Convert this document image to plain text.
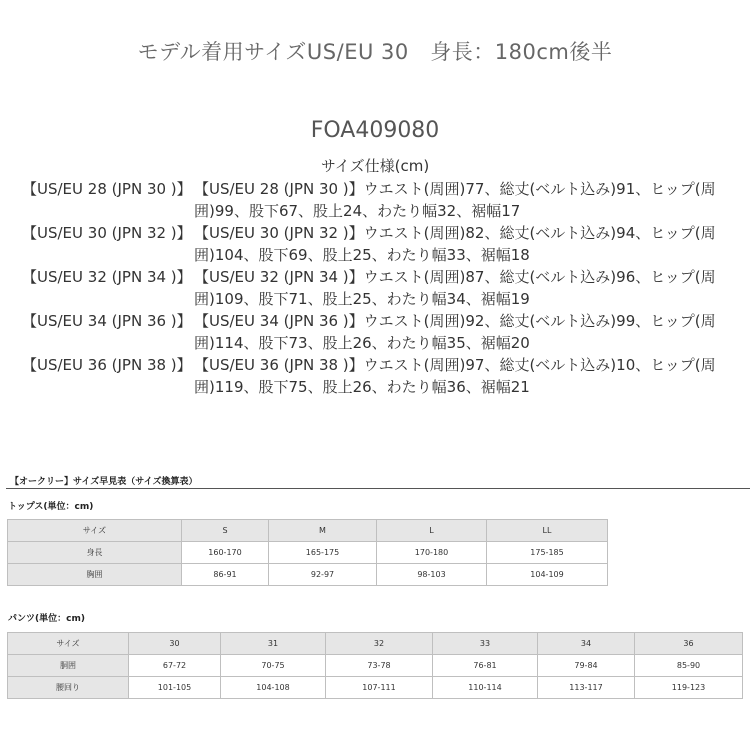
モデル着用サイズUS/EU 30　身長：180cm後半
FOA409080
サイズ仕様(cm)
【US/EU 28 (JPN 30 )】 【US/EU 28 (JPN 30 )】ウエスト(周囲)77、総丈(ベルト込み)91、ヒップ(周囲)99、股下67、股上24、わたり幅32、裾幅17
【US/EU 30 (JPN 32 )】 【US/EU 30 (JPN 32 )】ウエスト(周囲)82、総丈(ベルト込み)94、ヒップ(周囲)104、股下69、股上25、わたり幅33、裾幅18
【US/EU 32 (JPN 34 )】 【US/EU 32 (JPN 34 )】ウエスト(周囲)87、総丈(ベルト込み)96、ヒップ(周囲)109、股下71、股上25、わたり幅34、裾幅19
【US/EU 34 (JPN 36 )】 【US/EU 34 (JPN 36 )】ウエスト(周囲)92、総丈(ベルト込み)99、ヒップ(周囲)114、股下73、股上26、わたり幅35、裾幅20
【US/EU 36 (JPN 38 )】 【US/EU 36 (JPN 38 )】ウエスト(周囲)97、総丈(ベルト込み)10、ヒップ(周囲)119、股下75、股上26、わたり幅36、裾幅21
【オークリー】サイズ早見表（サイズ換算表）
トップス(単位：cm)
サイズ	S	M	L	LL
身長	160-170	165-175	170-180	175-185
胸囲	86-91	92-97	98-103	104-109
パンツ(単位：cm)
サイズ	30	31	32	33	34	36
胴囲	67-72	70-75	73-78	76-81	79-84	85-90
腰回り	101-105	104-108	107-111	110-114	113-117	119-123
